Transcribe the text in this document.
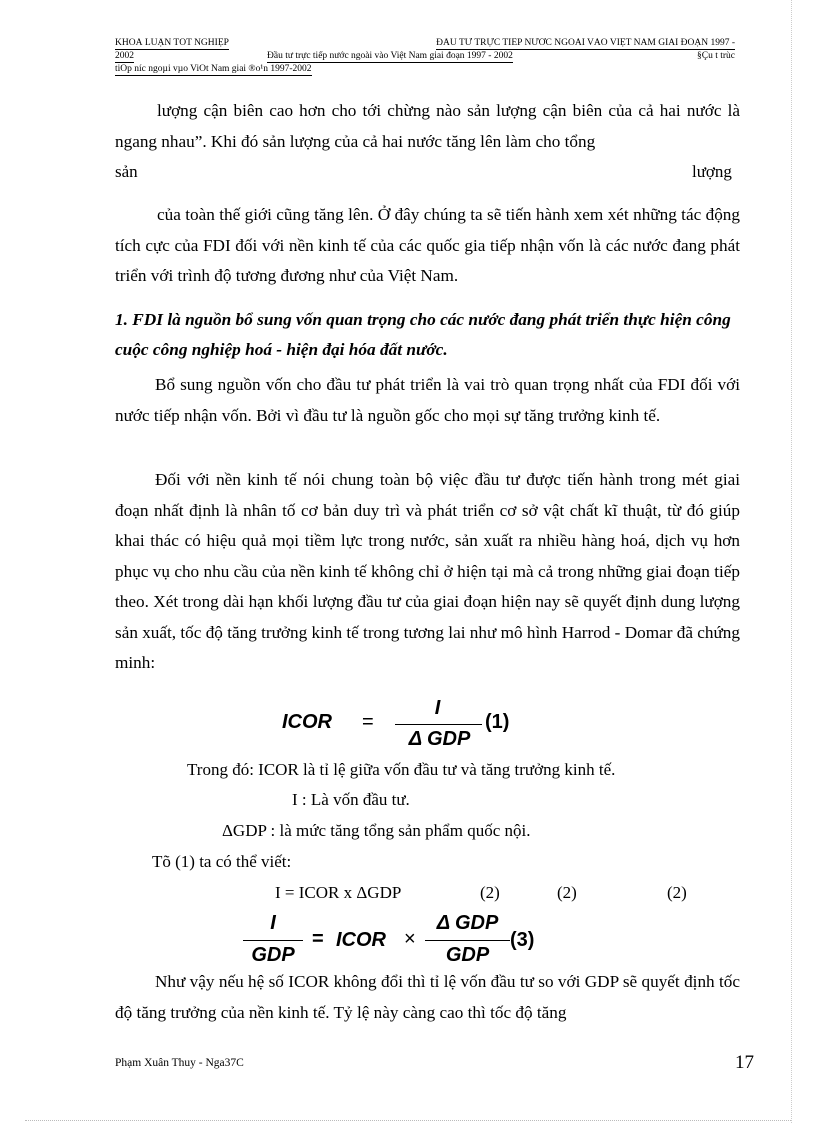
KHOÁ LUẬN TỐT NGHIỆP	ĐẦU TƯ TRỰC TIẾP NƯỚC NGOÀI VÀO VIỆT NAM GIAI ĐOẠN 1997 -
2002	Đầu tư trực tiếp nước ngoài vào Việt Nam giai đoạn 1997 - 2002	§Çu t trùc
tiÕp níc ngoµi vµo ViÖt Nam giai ®o¹n 1997-2002
lượng cận biên cao hơn cho tới chừng nào sản lượng cận biên của cả hai nước là ngang nhau”. Khi đó sản lượng của cả hai nước tăng lên làm cho tổng
sản	lượng
của toàn thế giới cũng tăng lên. Ở đây chúng ta sẽ tiến hành xem xét những tác động tích cực của FDI đối với nền kinh tế của các quốc gia tiếp nhận vốn là các nước đang phát triển với trình độ tương đương như của Việt Nam.
1. FDI là nguồn bổ sung vốn quan trọng cho các nước đang phát triển thực hiện công cuộc công nghiệp hoá - hiện đại hóa đất nước.
Bổ sung nguồn vốn cho đầu tư phát triển là vai trò quan trọng nhất của FDI đối với nước tiếp nhận vốn. Bởi vì đầu tư là nguồn gốc cho mọi sự tăng trưởng kinh tế.
Đối với nền kinh tế nói chung toàn bộ việc đầu tư được tiến hành trong mét giai đoạn nhất định là nhân tố cơ bản duy trì và phát triển cơ sở vật chất kĩ thuật, từ đó giúp khai thác có hiệu quả mọi tiềm lực trong nước, sản xuất ra nhiều hàng hoá, dịch vụ hơn phục vụ cho nhu cầu của nền kinh tế không chỉ ở hiện tại mà cả trong những giai đoạn tiếp theo. Xét trong dài hạn khối lượng đầu tư của giai đoạn hiện nay sẽ quyết định dung lượng sản xuất, tốc độ tăng trưởng kinh tế trong tương lai như mô hình Harrod - Domar đã chứng minh:
ICOR =
I
Δ GDP
(1)
Trong đó: ICOR là tỉ lệ giữa vốn đầu tư và tăng trưởng kinh tế.
I : Là vốn đầu tư.
ΔGDP : là mức tăng tổng sản phẩm quốc nội.
Tõ (1) ta có thể viết:
I = ICOR x ΔGDP	(2)	(2)	(2)
I
GDP
= ICOR ×
Δ GDP
GDP
(3)
Như vậy nếu hệ số ICOR không đổi thì tỉ lệ vốn đầu tư so với GDP sẽ quyết định tốc độ tăng trưởng của nền kinh tế. Tỷ lệ này càng cao thì tốc độ tăng
Phạm Xuân Thuy - Nga37C	17
